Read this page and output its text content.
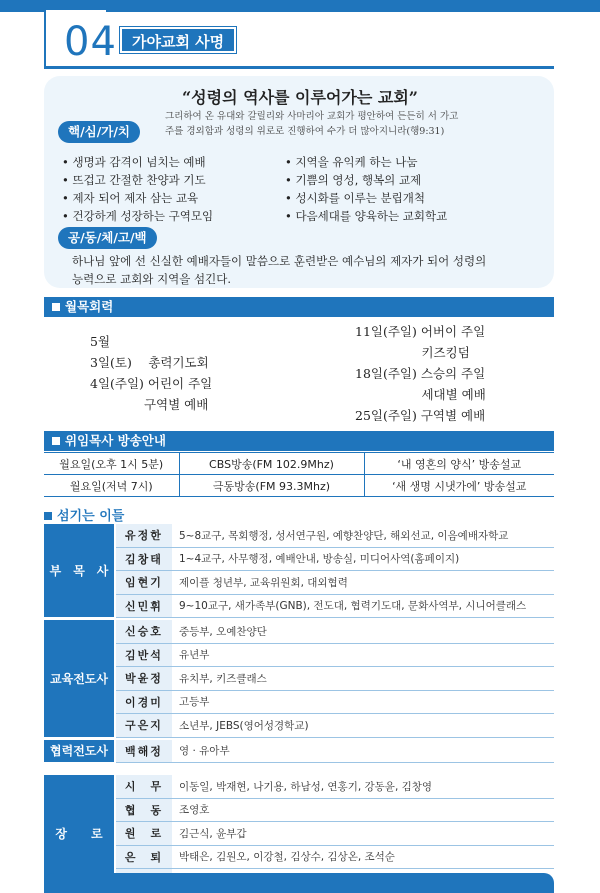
04	가야교회 사명
“성령의 역사를 이루어가는 교회”
그리하여 온 유대와 갈릴리와 사마리아 교회가 평안하여 든든히 서 가고
주를 경외함과 성령의 위로로 진행하여 수가 더 많아지니라(행9:31)
핵/심/가/치
• 생명과 감격이 넘치는 예배
• 뜨겁고 간절한 찬양과 기도
• 제자 되어 제자 삼는 교육
• 건강하게 성장하는 구역모임
• 지역을 유익케 하는 나눔
• 기쁨의 영성, 행복의 교제
• 성시화를 이루는 분립개척
• 다음세대를 양육하는 교회학교
공/동/체/고/백
하나님 앞에 선 신실한 예배자들이 말씀으로 훈련받은 예수님의 제자가 되어 성령의
능력으로 교회와 지역을 섬긴다.
월목회력
5월
3일(토)　 총력기도회
4일(주일) 어린이 주일
　　　　 구역별 예배
11일(주일) 어버이 주일
　　　　　 키즈킹덤
18일(주일) 스승의 주일
　　　　　 세대별 예배
25일(주일) 구역별 예배
위임목사 방송안내
월요일(오후 1시 5분)	CBS방송(FM 102.9Mhz)	‘내 영혼의 양식’ 방송설교
월요일(저녁 7시)	극동방송(FM 93.3Mhz)	‘새 생명 시냇가에’ 방송설교
섬기는 이들
유정한	5~8교구, 목회행정, 성서연구원, 예향찬양단, 해외선교, 이음예배자학교
김창태	1~4교구, 사무행정, 예배안내, 방송실, 미디어사역(홈페이지)
임현기	제이플 청년부, 교육위원회, 대외협력
신민휘	9~10교구, 새가족부(GNB), 전도대, 협력기도대, 문화사역부, 시니어클래스
부　목　사
신승호	중등부, 오예찬양단
김반석	유년부
박윤정	유치부, 키즈클래스
이경미	고등부
구은지	소년부, JEBS(영어성경학교)
교육전도사
백해정	영 · 유아부
협력전도사
시　무	이동일, 박재현, 나기용, 하남성, 연홍기, 강동윤, 김창영
협　동	조영호
원　로	김근식, 윤부갑
은　퇴	박태은, 김원오, 이강철, 김상수, 김상온, 조석순
장　　로
